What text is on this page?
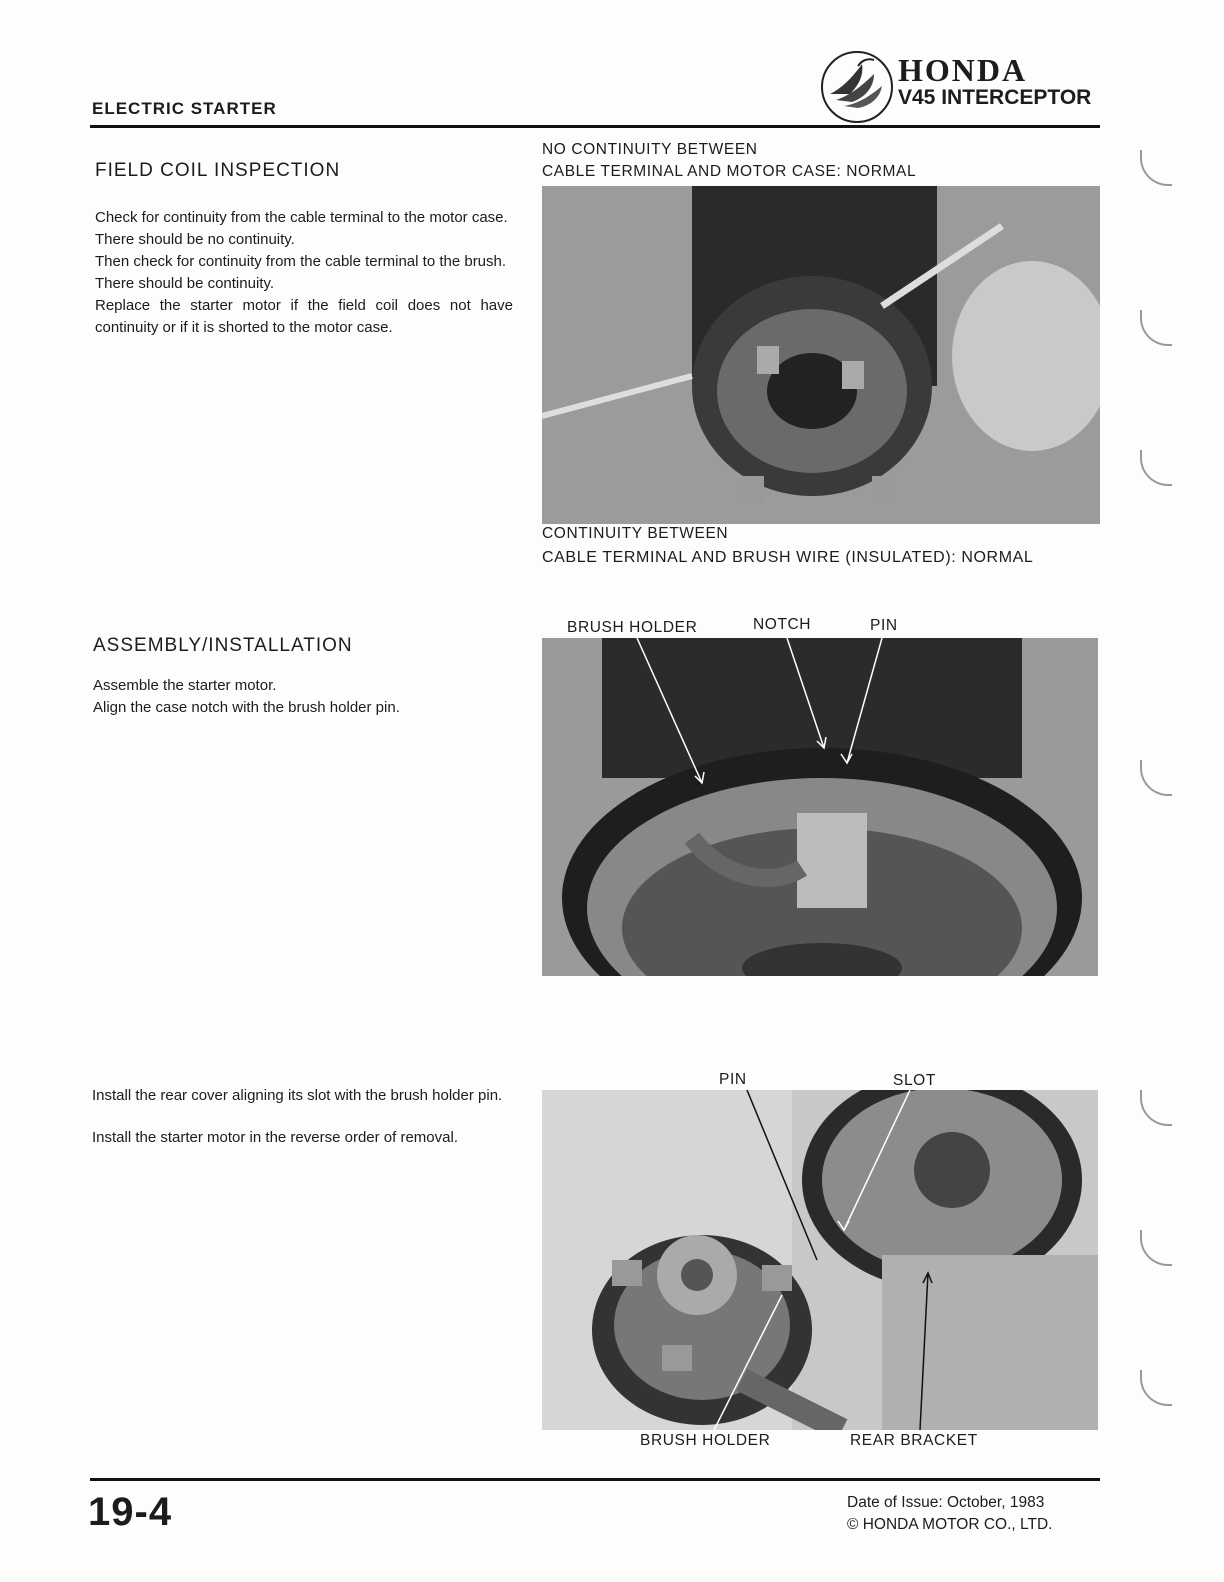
ELECTRIC STARTER
HONDA
V45 INTERCEPTOR
FIELD COIL INSPECTION

Check for continuity from the cable terminal to the motor case.

There should be no continuity.

Then check for continuity from the cable terminal to the brush.

There should be continuity.

Replace the starter motor if the field coil does not have continuity or if it is shorted to the motor case.

NO CONTINUITY BETWEEN
CABLE TERMINAL AND MOTOR CASE: NORMAL
CONTINUITY BETWEEN
CABLE TERMINAL AND BRUSH WIRE (INSULATED): NORMAL
ASSEMBLY/INSTALLATION

Assemble the starter motor.

Align the case notch with the brush holder pin.

BRUSH HOLDER	NOTCH	PIN

Install the rear cover aligning its slot with the brush holder pin.

Install the starter motor in the reverse order of removal.

PIN	SLOT
BRUSH HOLDER	REAR BRACKET
19-4	Date of Issue: October, 1983
© HONDA MOTOR CO., LTD.
